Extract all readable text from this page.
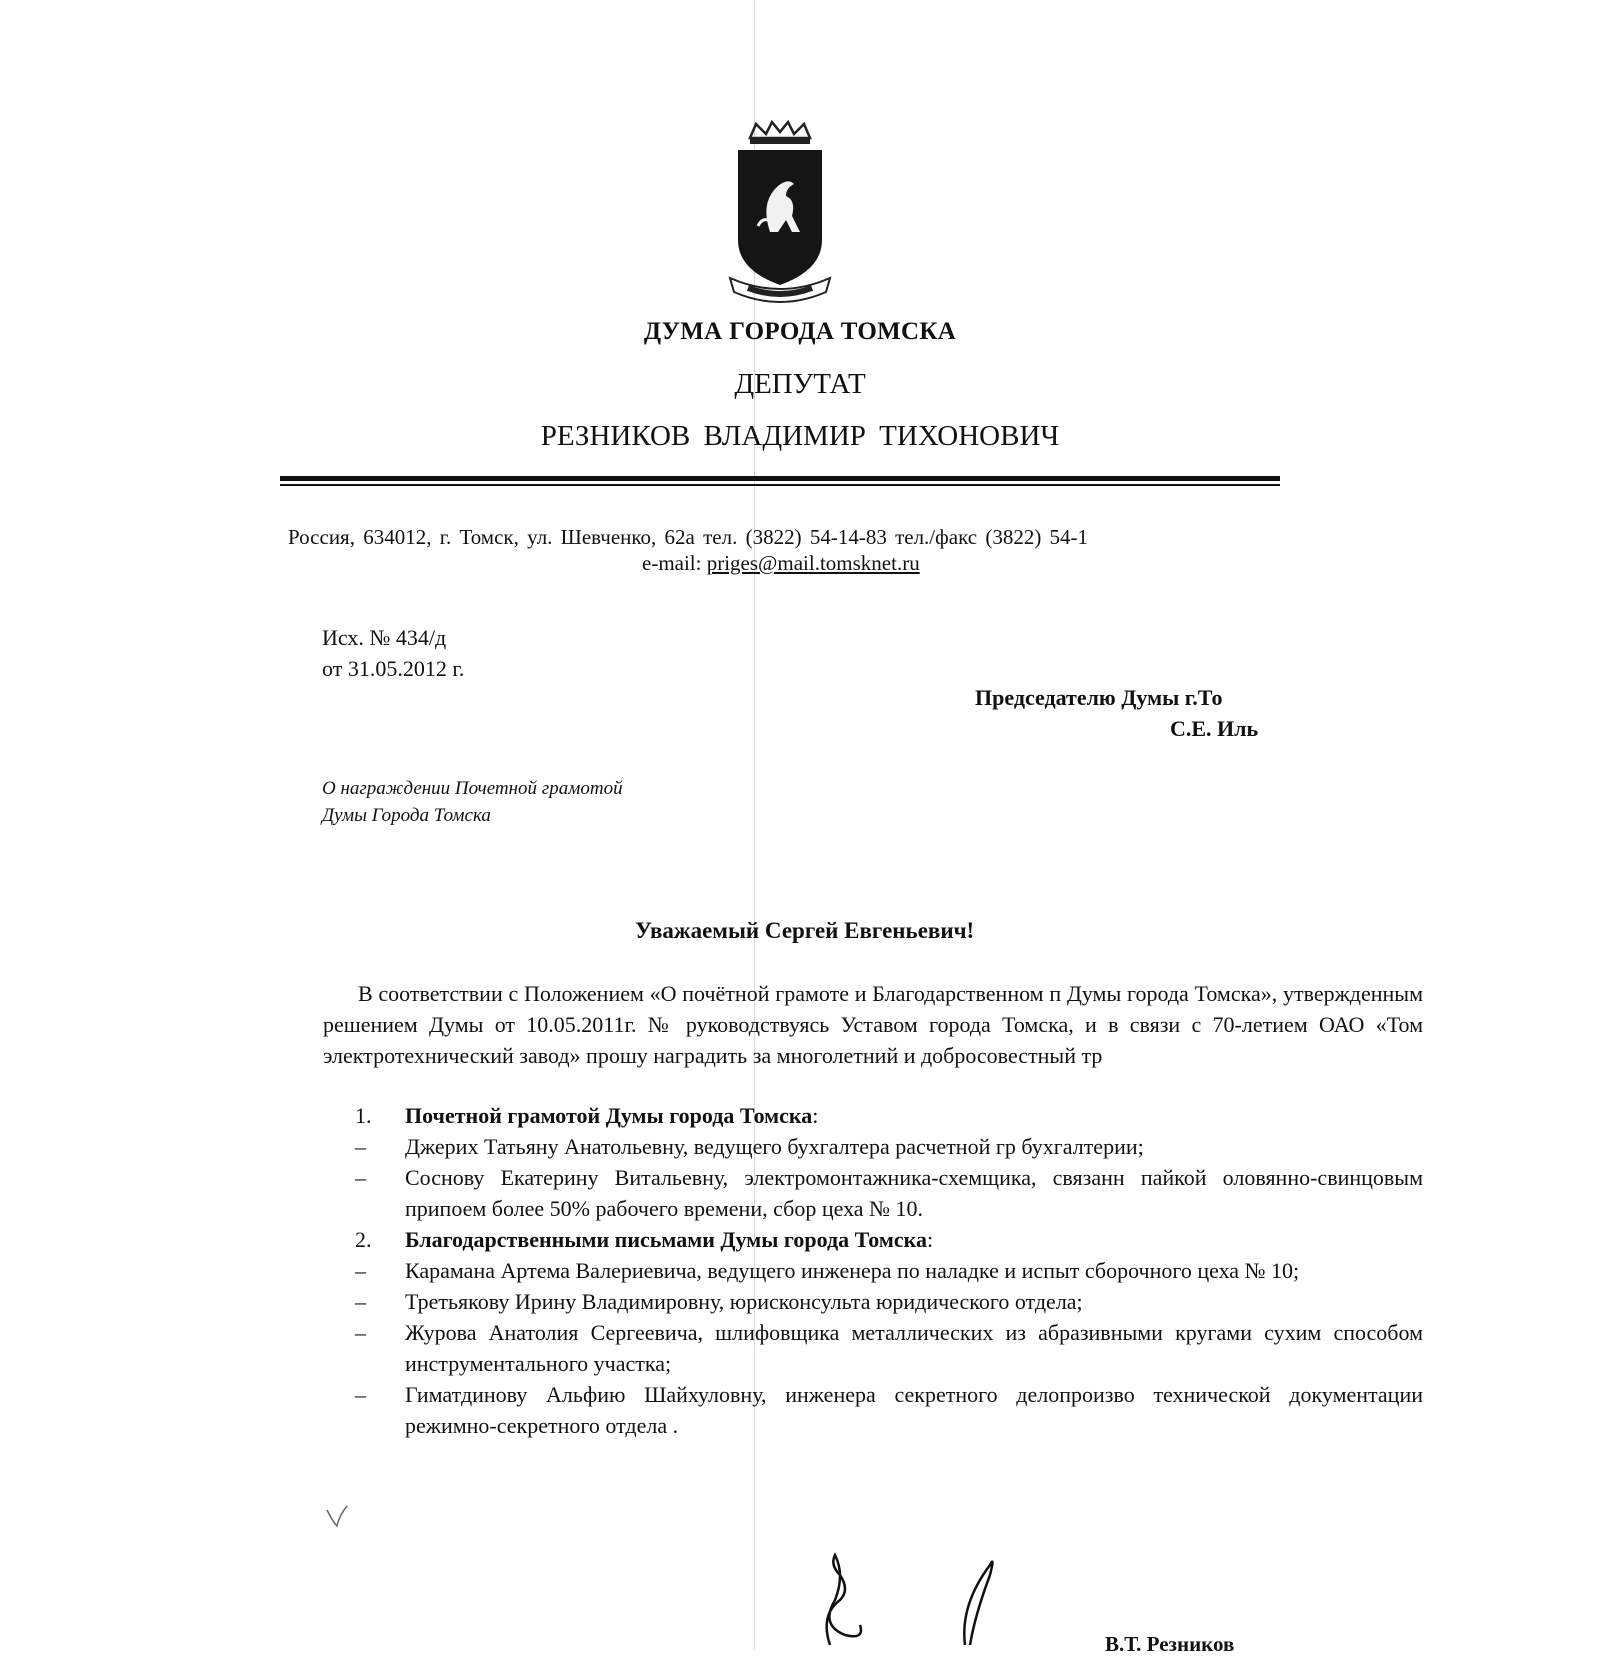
ДУМА ГОРОДА ТОМСКА
ДЕПУТАТ
РЕЗНИКОВ ВЛАДИМИР ТИХОНОВИЧ
Россия, 634012, г. Томск, ул. Шевченко, 62а тел. (3822) 54-14-83 тел./факс (3822) 54-1
e-mail: priges@mail.tomsknet.ru
Исх. № 434/д
от 31.05.2012 г.
Председателю Думы г.То
С.Е. Иль
О награждении Почетной грамотой
Думы Города Томска
Уважаемый Сергей Евгеньевич!

В соответствии с Положением «О почётной грамоте и Благодарственном п Думы города Томска», утвержденным решением Думы от 10.05.2011г. № руководствуясь Уставом города Томска, и в связи с 70-летием ОАО «Том электротехнический завод» прошу наградить за многолетний и добросовестный тр

1.	Почетной грамотой Думы города Томска:
–	Джерих Татьяну Анатольевну, ведущего бухгалтера расчетной гр бухгалтерии;
–	Соснову Екатерину Витальевну, электромонтажника-схемщика, связанн пайкой оловянно-свинцовым припоем более 50% рабочего времени, сбор цеха № 10.
2.	Благодарственными письмами Думы города Томска:
–	Карамана Артема Валериевича, ведущего инженера по наладке и испыт сборочного цеха № 10;
–	Третьякову Ирину Владимировну, юрисконсульта юридического отдела;
–	Журова Анатолия Сергеевича, шлифовщика металлических из абразивными кругами сухим способом инструментального участка;
–	Гиматдинову Альфию Шайхуловну, инженера секретного делопроизво технической документации режимно-секретного отдела .
В.Т. Резников
